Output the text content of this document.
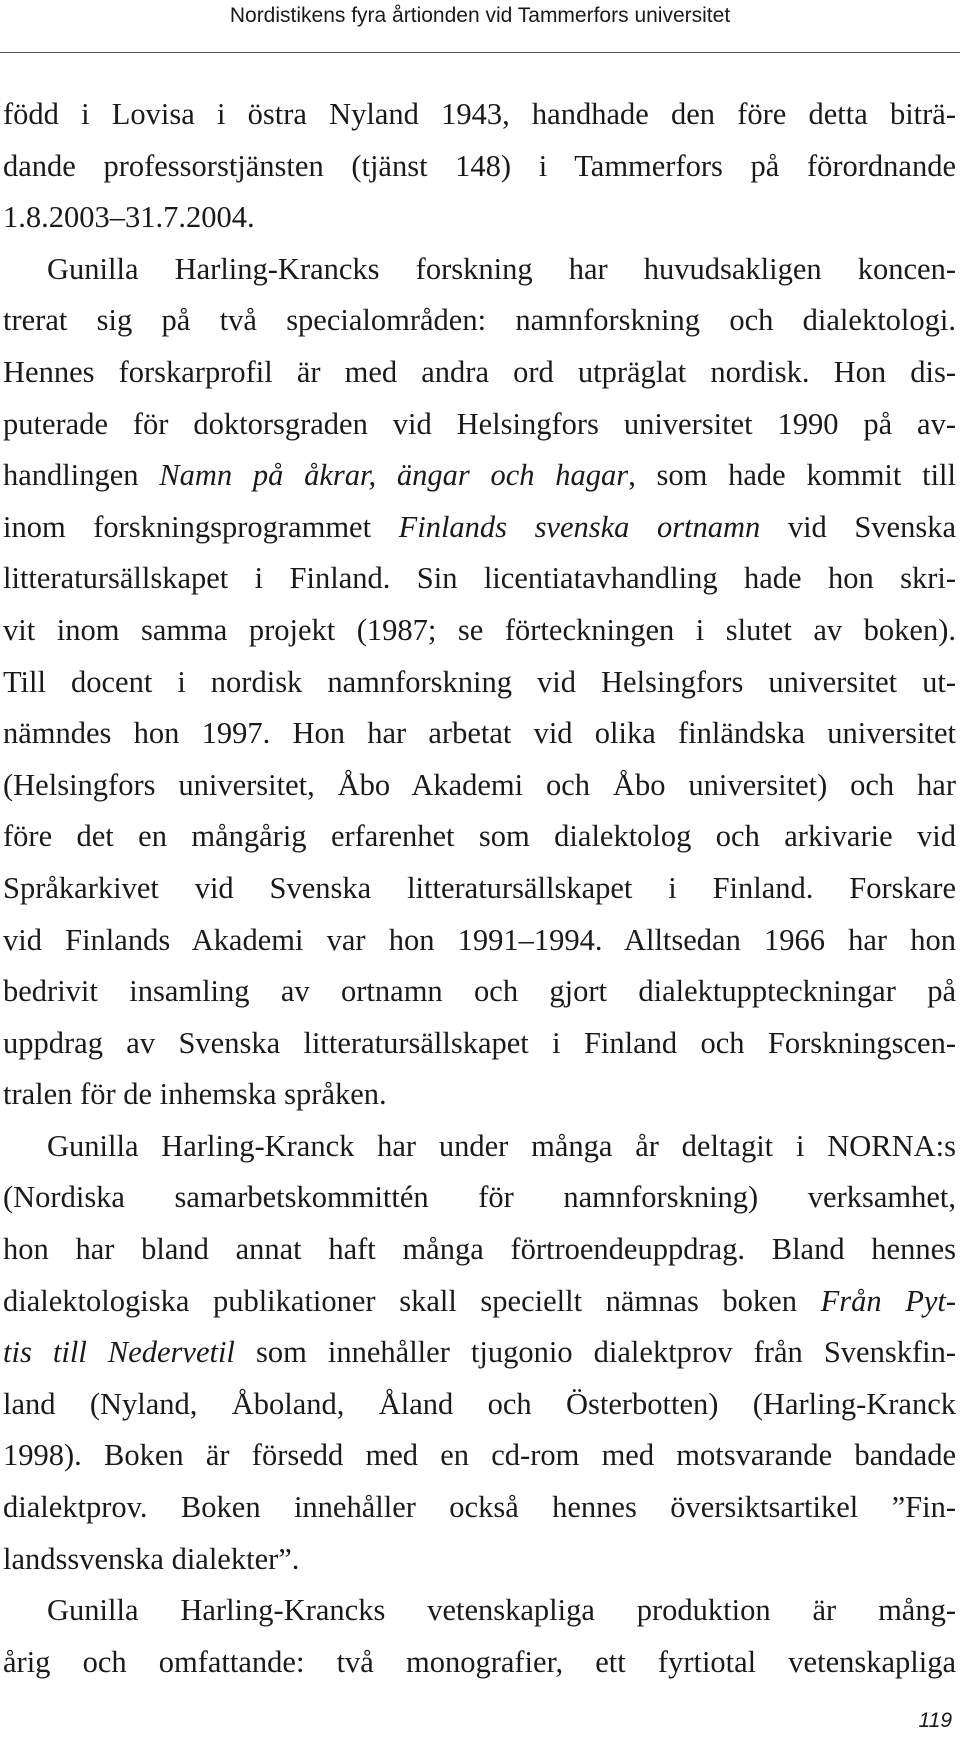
Nordistikens fyra årtionden vid Tammerfors universitet
född i Lovisa i östra Nyland 1943, handhade den före detta biträ-
dande professorstjänsten (tjänst 148) i Tammerfors på förordnande
1.8.2003–31.7.2004.
Gunilla Harling-Krancks forskning har huvudsakligen koncen-
trerat sig på två specialområden: namnforskning och dialektologi.
Hennes forskarprofil är med andra ord utpräglat nordisk. Hon dis-
puterade för doktorsgraden vid Helsingfors universitet 1990 på av-
handlingen Namn på åkrar, ängar och hagar, som hade kommit till
inom forskningsprogrammet Finlands svenska ortnamn vid Svenska
litteratursällskapet i Finland. Sin licentiatavhandling hade hon skri-
vit inom samma projekt (1987; se förteckningen i slutet av boken).
Till docent i nordisk namnforskning vid Helsingfors universitet ut-
nämndes hon 1997. Hon har arbetat vid olika finländska universitet
(Helsingfors universitet, Åbo Akademi och Åbo universitet) och har
före det en mångårig erfarenhet som dialektolog och arkivarie vid
Språkarkivet vid Svenska litteratursällskapet i Finland. Forskare
vid Finlands Akademi var hon 1991–1994. Alltsedan 1966 har hon
bedrivit insamling av ortnamn och gjort dialektuppteckningar på
uppdrag av Svenska litteratursällskapet i Finland och Forskningscen-
tralen för de inhemska språken.
Gunilla Harling-Kranck har under många år deltagit i NORNA:s
(Nordiska samarbetskommittén för namnforskning) verksamhet,
hon har bland annat haft många förtroendeuppdrag. Bland hennes
dialektologiska publikationer skall speciellt nämnas boken Från Pyt-
tis till Nedervetil som innehåller tjugonio dialektprov från Svenskfin-
land (Nyland, Åboland, Åland och Österbotten) (Harling-Kranck
1998). Boken är försedd med en cd-rom med motsvarande bandade
dialektprov. Boken innehåller också hennes översiktsartikel ”Fin-
landssvenska dialekter”.
Gunilla Harling-Krancks vetenskapliga produktion är mång-
årig och omfattande: två monografier, ett fyrtiotal vetenskapliga
119
